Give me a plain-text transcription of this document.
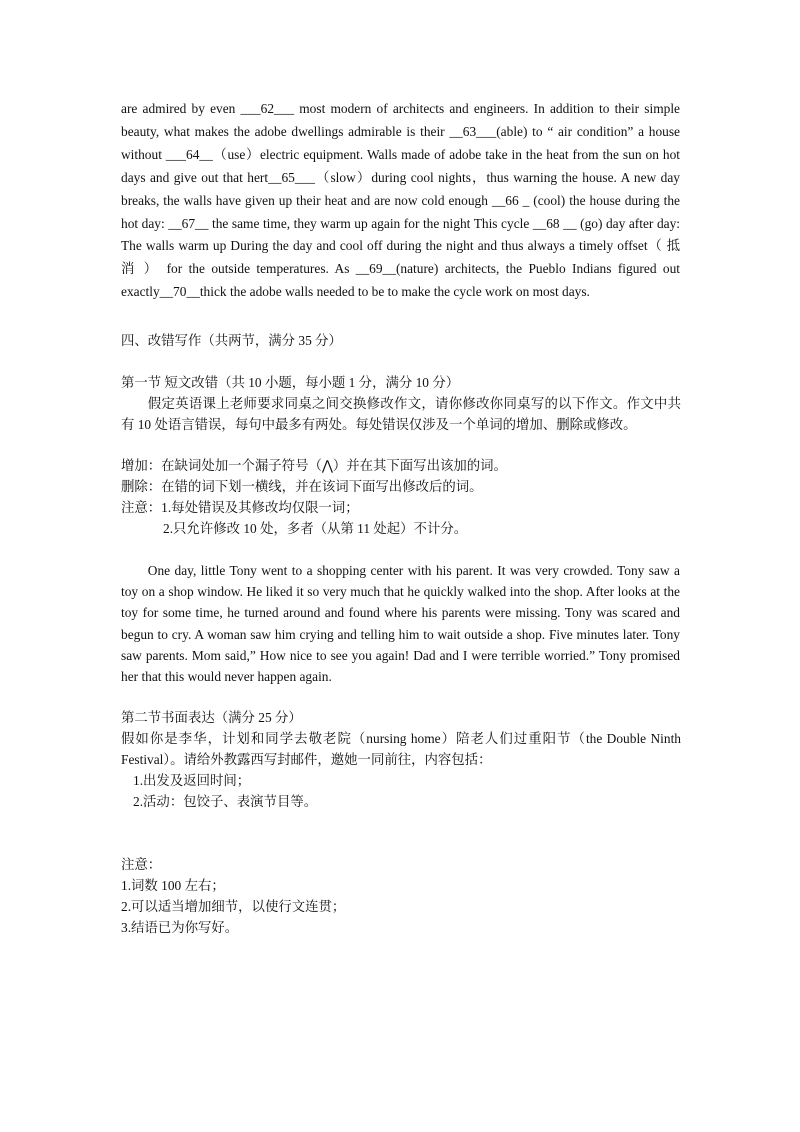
are admired by even ___62___ most modern of architects and engineers. In addition to their simple beauty, what makes the adobe dwellings admirable is their __63___(able) to “ air condition” a house without ___64__（use）electric equipment. Walls made of adobe take in the heat from the sun on hot days and give out that hert__65___（slow）during cool nights，thus warning the house. A new day breaks, the walls have given up their heat and are now cold enough __66 _ (cool) the house during the hot day: __67__ the same time, they warm up again for the night This cycle __68 __ (go) day after day: The walls warm up During the day and cool off during the night and thus always a timely offset（ 抵 消 ） for the outside temperatures. As __69__(nature) architects, the Pueblo Indians figured out exactly__70__thick the adobe walls needed to be to make the cycle work on most days.

四、改错写作（共两节，满分 35 分）
第一节 短文改错（共 10 小题，每小题 1 分，满分 10 分）

假定英语课上老师要求同桌之间交换修改作文，请你修改你同桌写的以下作文。作文中共有 10 处语言错误，每句中最多有两处。每处错误仅涉及一个单词的增加、删除或修改。

增加：在缺词处加一个漏子符号（⋀）并在其下面写出该加的词。
删除：在错的词下划一横线，并在该词下面写出修改后的词。
注意：1.每处错误及其修改均仅限一词；
2.只允许修改 10 处，多者（从第 11 处起）不计分。

One day, little Tony went to a shopping center with his parent. It was very crowded. Tony saw a toy on a shop window. He liked it so very much that he quickly walked into the shop. After looks at the toy for some time, he turned around and found where his parents were missing. Tony was scared and begun to cry. A woman saw him crying and telling him to wait outside a shop. Five minutes later. Tony saw parents. Mom said,” How nice to see you again! Dad and I were terrible worried.” Tony promised her that this would never happen again.

第二节书面表达（满分 25 分）

假如你是李华，计划和同学去敬老院（nursing home）陪老人们过重阳节（the Double Ninth Festival）。请给外教露西写封邮件，邀她一同前往，内容包括：

1.出发及返回时间；
2.活动：包饺子、表演节目等。
注意：
1.词数 100 左右；
2.可以适当增加细节，以使行文连贯；
3.结语已为你写好。
